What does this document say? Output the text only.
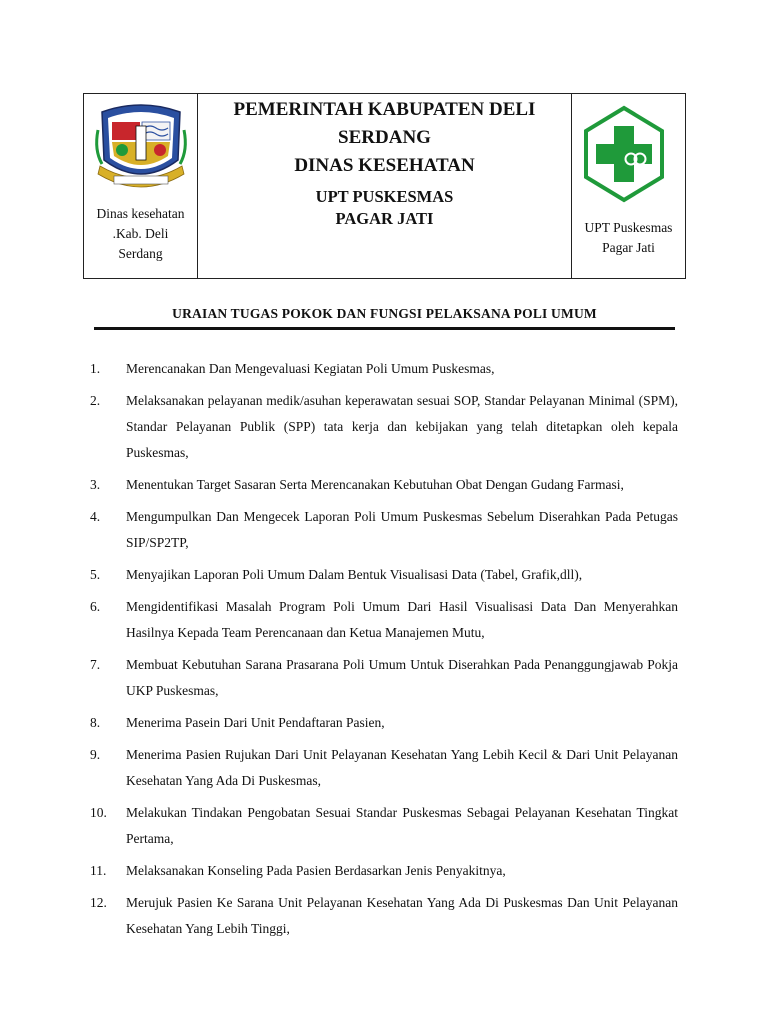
Dinas kesehatan
.Kab. Deli
Serdang
PEMERINTAH KABUPATEN DELI
SERDANG
DINAS KESEHATAN
UPT PUSKESMAS
PAGAR JATI	UPT Puskesmas
Pagar Jati
URAIAN TUGAS POKOK DAN FUNGSI PELAKSANA POLI UMUM
1. Merencanakan Dan Mengevaluasi Kegiatan Poli Umum Puskesmas,
2. Melaksanakan pelayanan medik/asuhan keperawatan sesuai SOP, Standar Pelayanan Minimal (SPM), Standar Pelayanan Publik (SPP) tata kerja dan kebijakan yang telah ditetapkan oleh kepala Puskesmas,
3. Menentukan Target Sasaran Serta Merencanakan Kebutuhan Obat Dengan Gudang Farmasi,
4. Mengumpulkan Dan Mengecek Laporan Poli Umum Puskesmas Sebelum Diserahkan Pada Petugas SIP/SP2TP,
5. Menyajikan Laporan Poli Umum Dalam Bentuk Visualisasi Data (Tabel, Grafik,dll),
6. Mengidentifikasi Masalah Program Poli Umum Dari Hasil Visualisasi Data Dan Menyerahkan Hasilnya Kepada Team Perencanaan dan Ketua Manajemen Mutu,
7. Membuat Kebutuhan Sarana Prasarana Poli Umum Untuk Diserahkan Pada Penanggungjawab Pokja UKP Puskesmas,
8. Menerima Pasein Dari Unit Pendaftaran Pasien,
9. Menerima Pasien Rujukan Dari Unit Pelayanan Kesehatan Yang Lebih Kecil & Dari Unit Pelayanan Kesehatan Yang Ada Di Puskesmas,
10. Melakukan Tindakan Pengobatan Sesuai Standar Puskesmas Sebagai Pelayanan Kesehatan Tingkat Pertama,
11. Melaksanakan Konseling Pada Pasien Berdasarkan Jenis Penyakitnya,
12. Merujuk Pasien Ke Sarana Unit Pelayanan Kesehatan Yang Ada Di Puskesmas Dan Unit Pelayanan Kesehatan Yang Lebih Tinggi,
